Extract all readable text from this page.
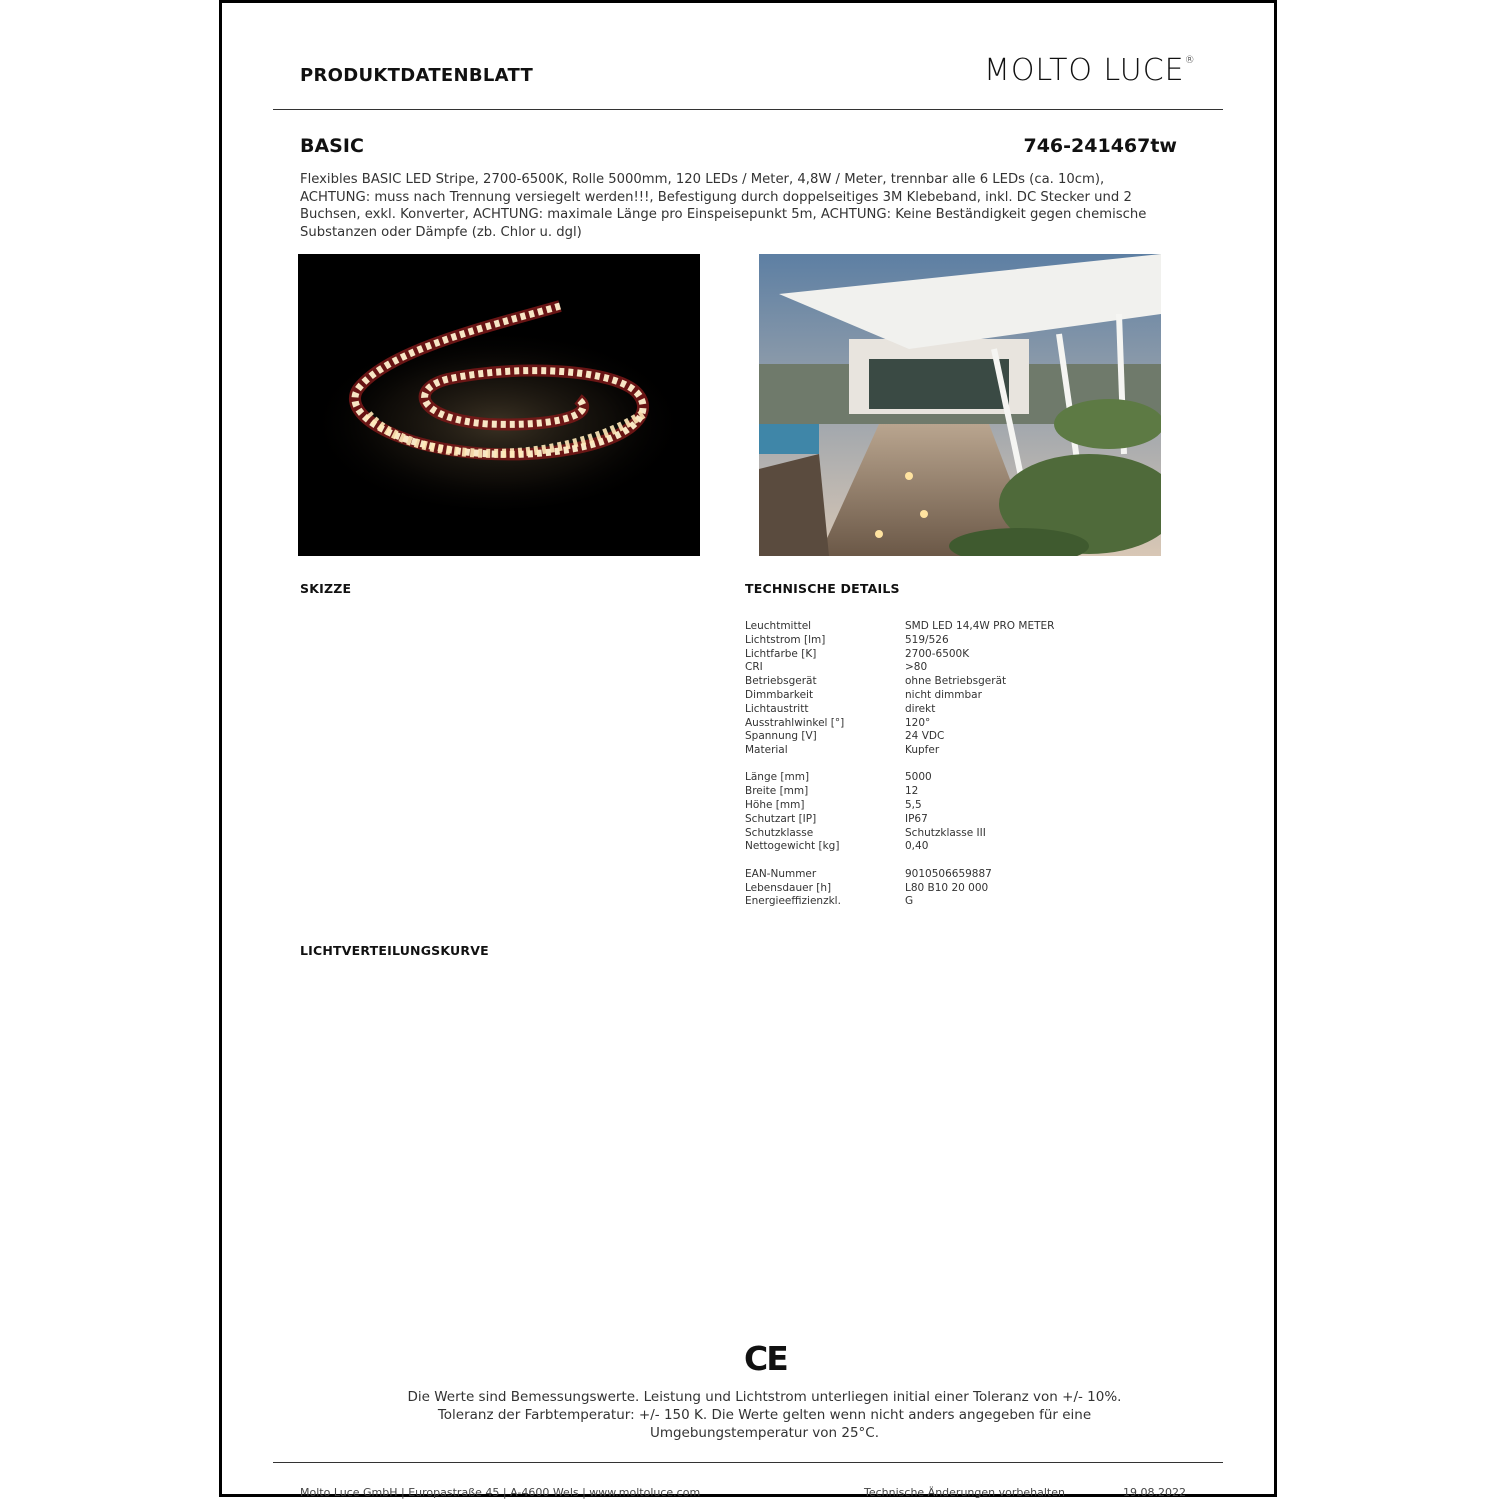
PRODUKTDATENBLATT	MOLTO LUCE®
BASIC	746-241467tw
Flexibles BASIC LED Stripe, 2700-6500K, Rolle 5000mm, 120 LEDs / Meter, 4,8W / Meter, trennbar alle 6 LEDs (ca. 10cm), ACHTUNG: muss nach Trennung versiegelt werden!!!, Befestigung durch doppelseitiges 3M Klebeband, inkl. DC Stecker und 2 Buchsen, exkl. Konverter, ACHTUNG: maximale Länge pro Einspeisepunkt 5m, ACHTUNG: Keine Beständigkeit gegen chemische Substanzen oder Dämpfe (zb. Chlor u. dgl)
SKIZZE	TECHNISCHE DETAILS
Leuchtmittel	SMD LED 14,4W PRO METER
Lichtstrom [lm]	519/526
Lichtfarbe [K]	2700-6500K
CRI	>80
Betriebsgerät	ohne Betriebsgerät
Dimmbarkeit	nicht dimmbar
Lichtaustritt	direkt
Ausstrahlwinkel [°]	120°
Spannung [V]	24 VDC
Material	Kupfer
Länge [mm]	5000
Breite [mm]	12
Höhe [mm]	5,5
Schutzart [IP]	IP67
Schutzklasse	Schutzklasse III
Nettogewicht [kg]	0,40
EAN-Nummer	9010506659887
Lebensdauer [h]	L80 B10 20 000
Energieeffizienzkl.	G
LICHTVERTEILUNGSKURVE
CE
Die Werte sind Bemessungswerte. Leistung und Lichtstrom unterliegen initial einer Toleranz von +/- 10%.
Toleranz der Farbtemperatur: +/- 150 K. Die Werte gelten wenn nicht anders angegeben für eine
Umgebungstemperatur von 25°C.
Molto Luce GmbH | Europastraße 45 | A-4600 Wels | www.moltoluce.com	Technische Änderungen vorbehalten	19.08.2022
